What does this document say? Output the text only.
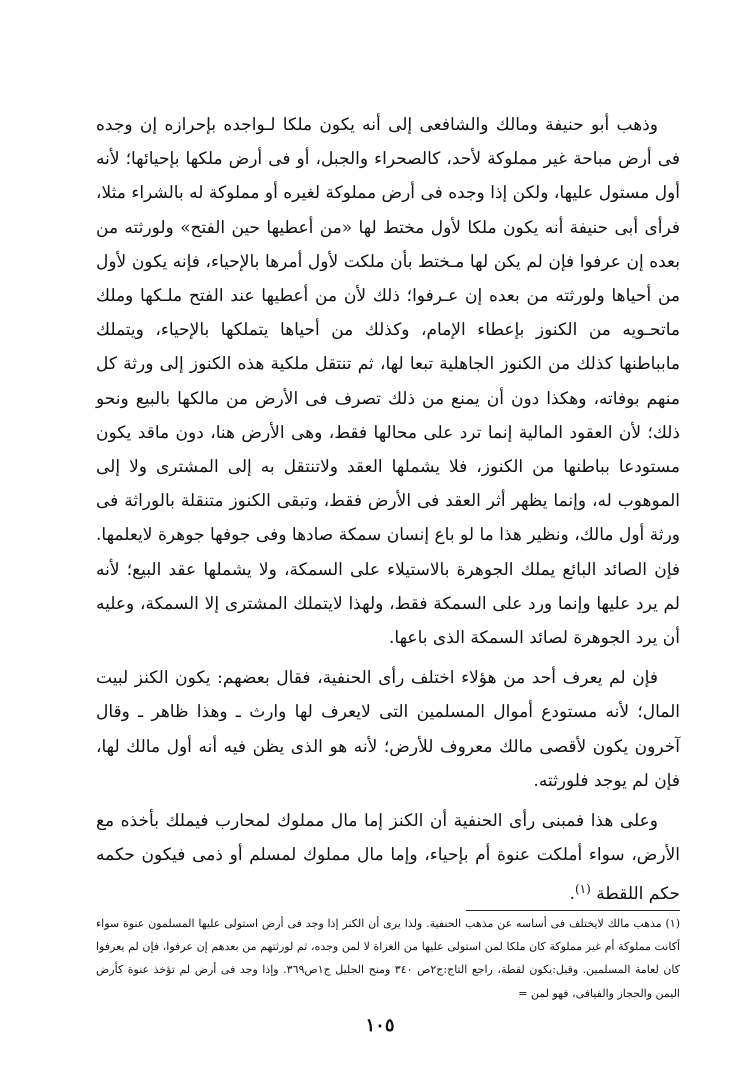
وذهب أبو حنيفة ومالك والشافعى إلى أنه يكون ملكا لـواجده بإحرازه إن وجده فى أرض مباحة غير مملوكة لأحد، كالصحراء والجبل، أو فى أرض ملكها بإحيائها؛ لأنه أول مستول عليها، ولكن إذا وجده فى أرض مملوكة لغيره أو مملوكة له بالشراء مثلا، فرأى أبى حنيفة أنه يكون ملكا لأول مختط لها «من أعطيها حين الفتح» ولورثته من بعده إن عرفوا فإن لم يكن لها مـختط بأن ملكت لأول أمرها بالإحياء، فإنه يكون لأول من أحياها ولورثته من بعده إن عـرفوا؛ ذلك لأن من أعطيها عند الفتح ملـكها وملك ماتحـويه من الكنوز بإعطاء الإمام، وكذلك من أحياها يتملكها بالإحياء، ويتملك مابباطنها كذلك من الكنوز الجاهلية تبعا لها، ثم تنتقل ملكية هذه الكنوز إلى ورثة كل منهم بوفاته، وهكذا دون أن يمنع من ذلك تصرف فى الأرض من مالكها بالبيع ونحو ذلك؛ لأن العقود المالية إنما ترد على محالها فقط، وهى الأرض هنا، دون ماقد يكون مستودعا بباطنها من الكنوز، فلا يشملها العقد ولاتنتقل به إلى المشترى ولا إلى الموهوب له، وإنما يظهر أثر العقد فى الأرض فقط، وتبقى الكنوز متنقلة بالوراثة فى ورثة أول مالك، ونظير هذا ما لو باع إنسان سمكة صادها وفى جوفها جوهرة لايعلمها. فإن الصائد البائع يملك الجوهرة بالاستيلاء على السمكة، ولا يشملها عقد البيع؛ لأنه لم يرد عليها وإنما ورد على السمكة فقط، ولهذا لايتملك المشترى إلا السمكة، وعليه أن يرد الجوهرة لصائد السمكة الذى باعها.

فإن لم يعرف أحد من هؤلاء اختلف رأى الحنفية، فقال بعضهم: يكون الكنز لبيت المال؛ لأنه مستودع أموال المسلمين التى لايعرف لها وارث ـ وهذا ظاهر ـ وقال آخرون يكون لأقصى مالك معروف للأرض؛ لأنه هو الذى يظن فيه أنه أول مالك لها، فإن لم يوجد فلورثته.

وعلى هذا فمبنى رأى الحنفية أن الكنز إما مال مملوك لمحارب فيملك بأخذه مع الأرض، سواء أملكت عنوة أم بإحياء، وإما مال مملوك لمسلم أو ذمى فيكون حكمه حكم اللقطة $^{(١)}$.

(١) مذهب مالك لايختلف فى أساسه عن مذهب الحنفية. ولذا يرى أن الكنز إذا وجد فى أرض استولى عليها المسلمون عنوة سواء أكانت مملوكة أم غير مملوكة كان ملكا لمن استولى عليها من الغزاة لا لمن وجده، ثم لورثتهم من بعدهم إن عرفوا، فإن لم يعرفوا كان لعامة المسلمين. وقيل:يكون لقطة، راجع التاج:ج٢ص ٣٤٠ ومنح الجليل ج١ص٣٦٩. وإذا وجد فى أرض لم تؤخذ عنوة كأرض اليمن والحجاز والفيافى، فهو لمن =

١٠٥
